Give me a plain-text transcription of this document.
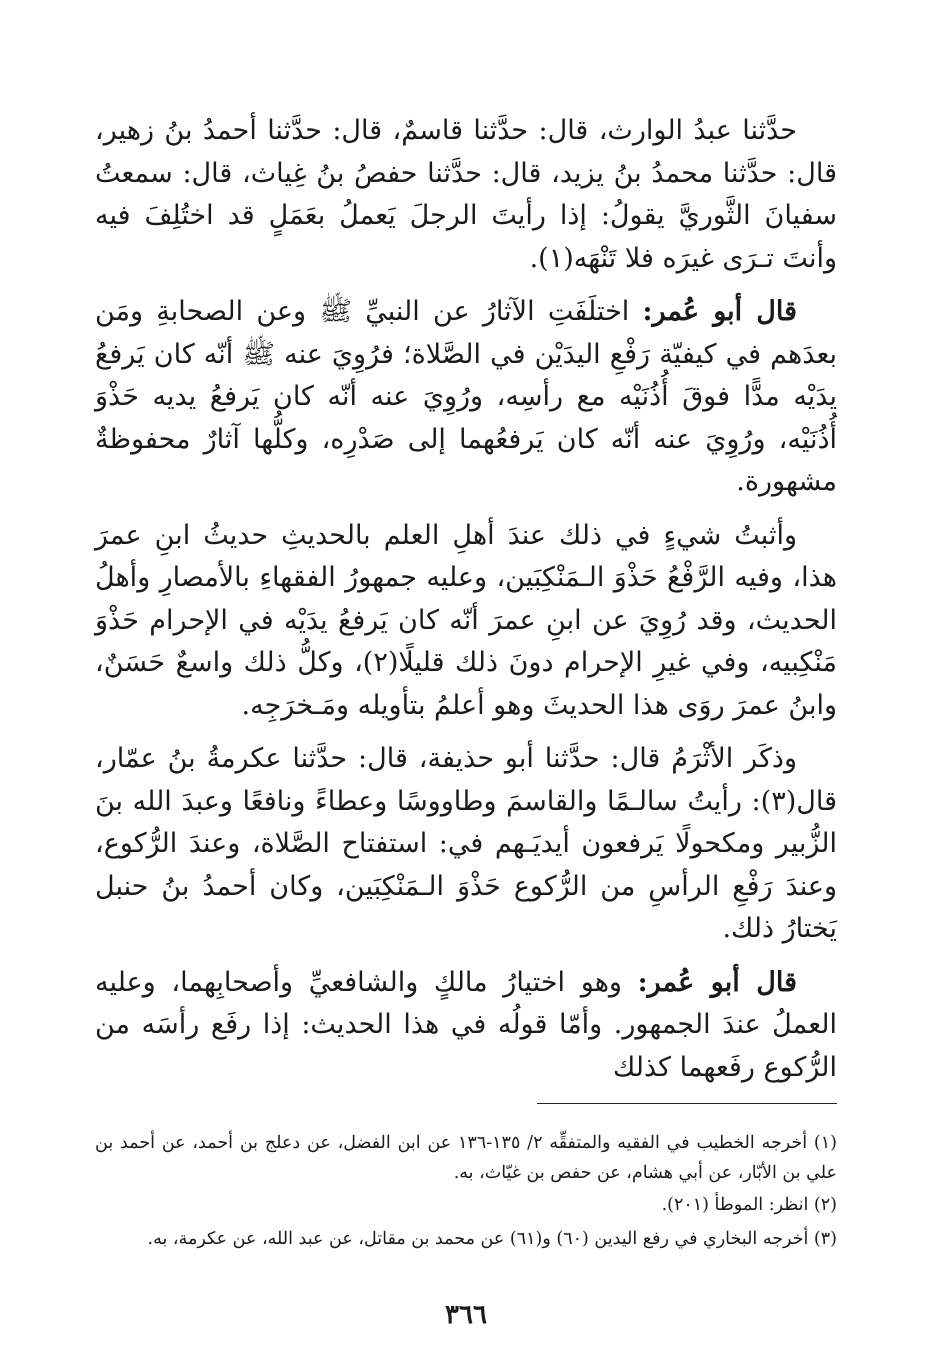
حدَّثنا عبدُ الوارث، قال: حدَّثنا قاسمٌ، قال: حدَّثنا أحمدُ بنُ زهير، قال: حدَّثنا محمدُ بنُ يزيد، قال: حدَّثنا حفصُ بنُ غِياث، قال: سمعتُ سفيانَ الثَّوريَّ يقولُ: إذا رأيتَ الرجلَ يَعملُ بعَمَلٍ قد اختُلِفَ فيه وأنتَ تـرَى غيرَه فلا تَنْهَه(١).

قال أبو عُمر: اختلَفَتِ الآثارُ عن النبيِّ ﷺ وعن الصحابةِ ومَن بعدَهم في كيفيّة رَفْعِ اليدَيْن في الصَّلاة؛ فرُوِيَ عنه ﷺ أنّه كان يَرفعُ يدَيْه مدًّا فوقَ أُذُنَيْه مع رأسِه، ورُوِيَ عنه أنّه كان يَرفعُ يديه حَذْوَ أُذُنَيْه، ورُوِيَ عنه أنّه كان يَرفعُهما إلى صَدْرِه، وكلُّها آثارٌ محفوظةٌ مشهورة.

وأثبتُ شيءٍ في ذلك عندَ أهلِ العلم بالحديثِ حديثُ ابنِ عمرَ هذا، وفيه الرَّفْعُ حَذْوَ الـمَنْكِبَين، وعليه جمهورُ الفقهاءِ بالأمصارِ وأهلُ الحديث، وقد رُوِيَ عن ابنِ عمرَ أنّه كان يَرفعُ يدَيْه في الإحرام حَذْوَ مَنْكِبيه، وفي غيرِ الإحرام دونَ ذلك قليلًا(٢)، وكلُّ ذلك واسعٌ حَسَنٌ، وابنُ عمرَ روَى هذا الحديثَ وهو أعلمُ بتأويله ومَـخرَجِه.

وذكَر الأثْرَمُ قال: حدَّثنا أبو حذيفة، قال: حدَّثنا عكرمةُ بنُ عمّار، قال(٣): رأيتُ سالـمًا والقاسمَ وطاووسًا وعطاءً ونافعًا وعبدَ الله بنَ الزُّبير ومكحولًا يَرفعون أيديَـهم في: استفتاح الصَّلاة، وعندَ الرُّكوع، وعندَ رَفْعِ الرأسِ من الرُّكوع حَذْوَ الـمَنْكِبَين، وكان أحمدُ بنُ حنبل يَختارُ ذلك.

قال أبو عُمر: وهو اختيارُ مالكٍ والشافعيِّ وأصحابِهما، وعليه العملُ عندَ الجمهور. وأمّا قولُه في هذا الحديث: إذا رفَع رأسَه من الرُّكوع رفَعهما كذلك

(١) أخرجه الخطيب في الفقيه والمتفقِّه ٢/ ١٣٥-١٣٦ عن ابن الفضل، عن دعلج بن أحمد، عن أحمد بن علي بن الأبّار، عن أبي هشام، عن حفص بن غيّاث، به.

(٢) انظر: الموطأ (٢٠١).

(٣) أخرجه البخاري في رفع اليدين (٦٠) و(٦١) عن محمد بن مقاتل، عن عبد الله، عن عكرمة، به.

٣٦٦
